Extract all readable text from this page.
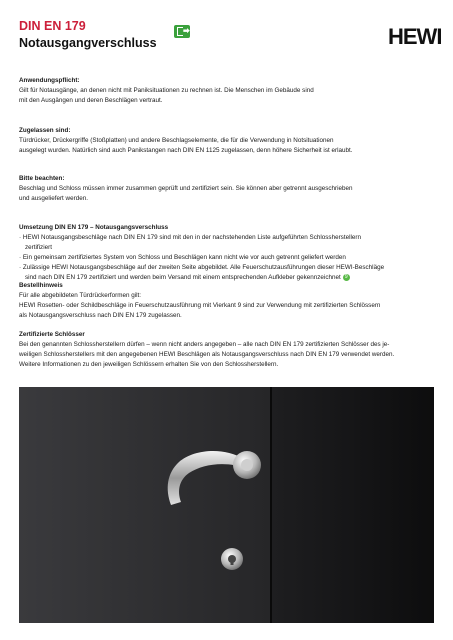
DIN EN 179
Notausgangverschluss
⮕	HEWI
Anwendungspflicht:

Gilt für Notausgänge, an denen nicht mit Paniksituationen zu rechnen ist. Die Menschen im Gebäude sind

mit den Ausgängen und deren Beschlägen vertraut.

Zugelassen sind:

Türdrücker, Drückergriffe (Stoßplatten) und andere Beschlagselemente, die für die Verwendung in Notsituationen

ausgelegt wurden. Natürlich sind auch Panikstangen nach DIN EN 1125 zugelassen, denn höhere Sicherheit ist erlaubt.

Bitte beachten:

Beschlag und Schloss müssen immer zusammen geprüft und zertifiziert sein. Sie können aber getrennt ausgeschrieben

und ausgeliefert werden.

Umsetzung DIN EN 179 – Notausgangsverschluss

· HEWI Notausgangsbeschläge nach DIN EN 179 sind mit den in der nachstehenden Liste aufgeführten Schlossherstellern

zertifiziert

· Ein gemeinsam zertifiziertes System von Schloss und Beschlägen kann nicht wie vor auch getrennt geliefert werden

· Zulässige HEWI Notausgangsbeschläge auf der zweiten Seite abgebildet. Alle Feuerschutzausführungen dieser HEWI-Beschläge

sind nach DIN EN 179 zertifiziert und werden beim Versand mit einem entsprechenden Aufkleber gekennzeichnet 9

Bestellhinweis

Für alle abgebildeten Türdrückerformen gilt:

HEWI Rosetten- oder Schildbeschläge in Feuerschutzausführung mit Vierkant 9 sind zur Verwendung mit zertifizierten Schlössern

als Notausgangsverschluss nach DIN EN 179 zugelassen.

Zertifizierte Schlösser

Bei den genannten Schlossherstellern dürfen – wenn nicht anders angegeben – alle nach DIN EN 179 zertifizierten Schlösser des je-

weiligen Schlossherstellers mit den angegebenen HEWI Beschlägen als Notausgangsverschluss nach DIN EN 179 verwendet werden.

Weitere Informationen zu den jeweiligen Schlössern erhalten Sie von den Schlossherstellern.
